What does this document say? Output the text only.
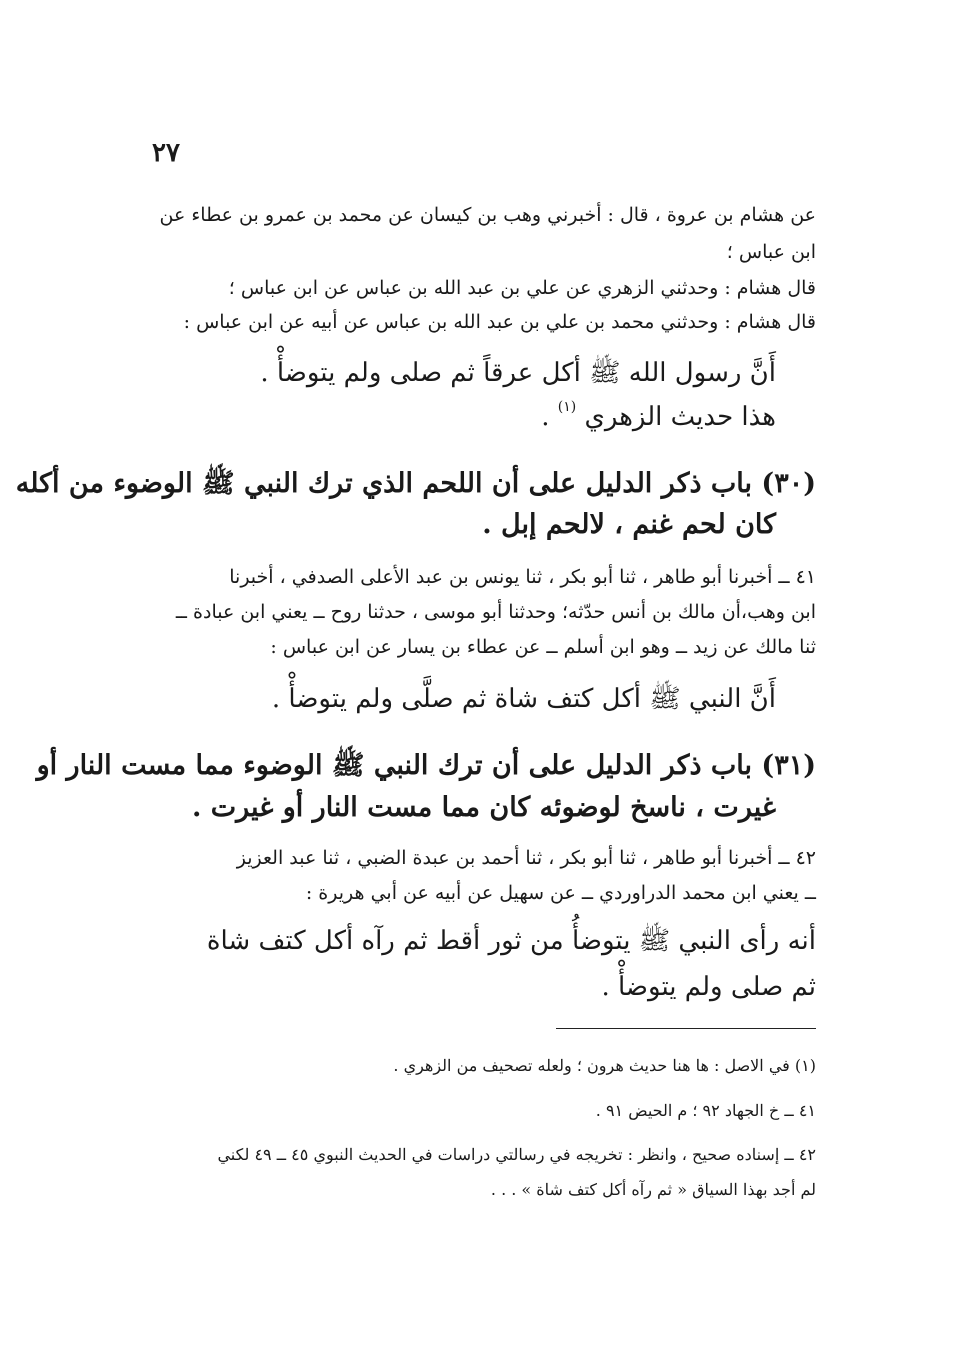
٢٧
عن هشام بن عروة ، قال : أخبرني وهب بن كيسان عن محمد بن عمرو بن عطاء عن
ابن عباس ؛
قال هشام : وحدثني الزهري عن علي بن عبد الله بن عباس عن ابن عباس ؛
قال هشام : وحدثني محمد بن علي بن عبد الله بن عباس عن أبيه عن ابن عباس :
أَنَّ رسول الله ﷺ أكل عرقاً ثم صلى ولم يتوضأْ .
هذا حديث الزهري $^{(١)}$ .
(٣٠) باب ذكر الدليل على أن اللحم الذي ترك النبي ﷺ الوضوء من أكله
كان لحم غنم ، لالحم إبل .
٤١ ــ أخبرنا أبو طاهر ، ثنا أبو بكر ، ثنا يونس بن عبد الأعلى الصدفي ، أخبرنا
ابن وهب،أن مالك بن أنس حدّثه؛ وحدثنا أبو موسى ، حدثنا روح ــ يعني ابن عبادة ــ
ثنا مالك عن زيد ــ وهو ابن أسلم ــ عن عطاء بن يسار عن ابن عباس :
أَنَّ النبي ﷺ أكل كتف شاة ثم صلَّى ولم يتوضأْ .
(٣١) باب ذكر الدليل على أن ترك النبي ﷺ الوضوء مما مست النار أو
غيرت ، ناسخ لوضوئه كان مما مست النار أو غيرت .
٤٢ ــ أخبرنا أبو طاهر ، ثنا أبو بكر ، ثنا أحمد بن عبدة الضبي ، ثنا عبد العزيز
ــ يعني ابن محمد الدراوردي ــ عن سهيل عن أبيه عن أبي هريرة :
أنه رأى النبي ﷺ يتوضأُ من ثور أقط ثم رآه أكل كتف شاة
ثم صلى ولم يتوضأْ .
(١) في الاصل : ها هنا حديث هرون ؛ ولعله تصحيف من الزهري .
٤١ ــ خ الجهاد ٩٢ ؛ م الحيض ٩١ .
٤٢ ــ إسناده صحيح ، وانظر : تخريجه في رسالتي دراسات في الحديث النبوي ٤٥ ــ ٤٩ لكني
لم أجد بهذا السياق « ثم رآه أكل كتف شاة » . . .
